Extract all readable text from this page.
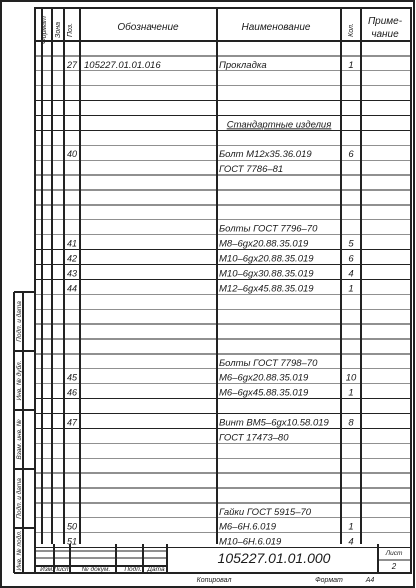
Инв. № подл.
Подп. и дата
Взам. инв. №
Инв. № дубл.
Подп. и дата
Формат Зона Поз.	Обозначение	Наименование	Кол.
Приме-
чание
27 105227.01.01.016	Прокладка	1
Стандартные изделия
40	Болт М12х35.36.019	6
ГОСТ 7786–81
Болты ГОСТ 7796–70
41	М8–6gх20.88.35.019	5
42	М10–6gх20.88.35.019	6
43	М10–6gх30.88.35.019	4
44	М12–6gх45.88.35.019	1
Болты ГОСТ 7798–70
45	М6–6gх20.88.35.019	10
46	М6–6gх45.88.35.019	1
47	Винт ВМ5–6gх10.58.019 8
ГОСТ 17473–80
Гайки ГОСТ 5915–70
50	М6–6Н.6.019	1
51	М10–6Н.6.019	4
Изм. Лист № докум. Подп. Дата
105227.01.01.000	Лист
2
Копировал	Формат	А4
